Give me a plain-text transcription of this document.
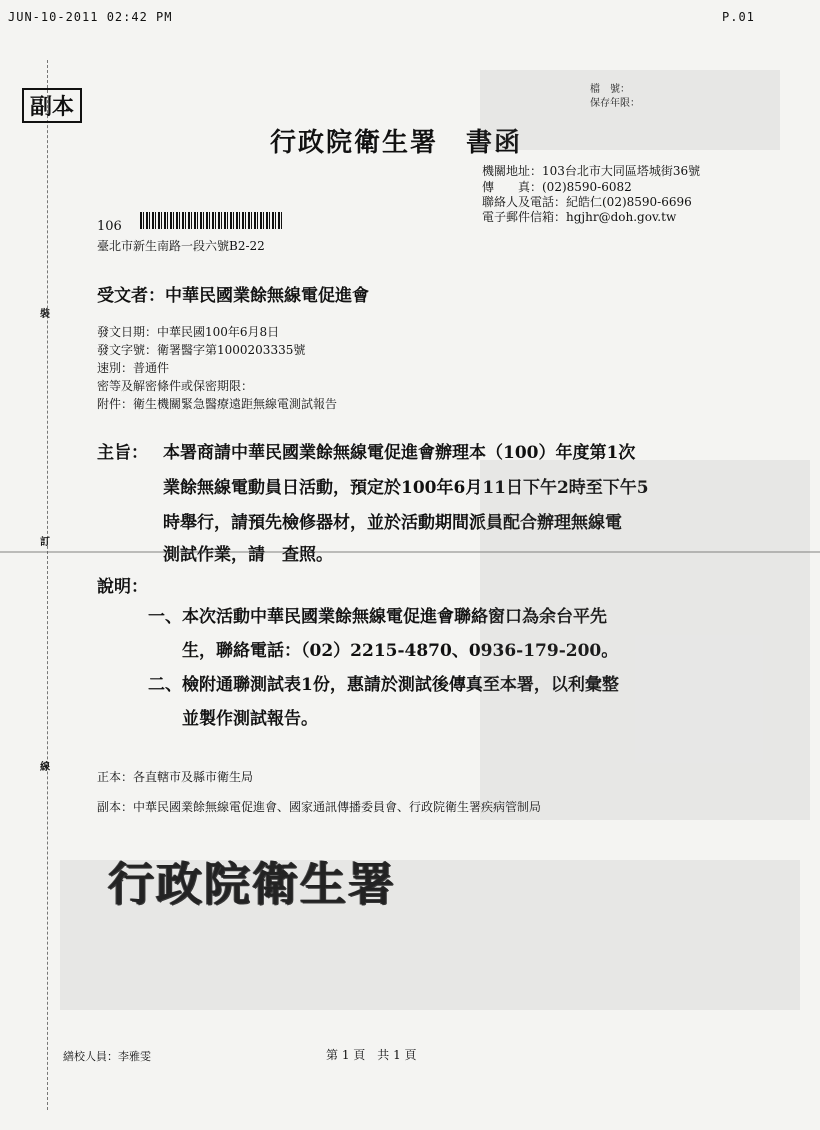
JUN-10-2011 02:42 PM	P.01
裝
訂
線
副本
檔　號：
保存年限：
行政院衛生署　書函
機關地址：103台北市大同區塔城街36號
傳　　真：(02)8590-6082
聯絡人及電話：紀皓仁(02)8590-6696
電子郵件信箱：hgjhr@doh.gov.tw
106
臺北市新生南路一段六號B2-22
受文者：中華民國業餘無線電促進會
發文日期：中華民國100年6月8日
發文字號：衛署醫字第1000203335號
速別：普通件
密等及解密條件或保密期限：
附件：衛生機關緊急醫療遠距無線電測試報告
主旨： 本署商請中華民國業餘無線電促進會辦理本（100）年度第1次
業餘無線電動員日活動，預定於100年6月11日下午2時至下午5
時舉行，請預先檢修器材，並於活動期間派員配合辦理無線電
測試作業，請　查照。
說明：
一、本次活動中華民國業餘無線電促進會聯絡窗口為余台平先
生，聯絡電話：（02）2215-4870、0936-179-200。
二、檢附通聯測試表1份，惠請於測試後傳真至本署，以利彙整
並製作測試報告。
正本：各直轄市及縣市衛生局
副本：中華民國業餘無線電促進會、國家通訊傳播委員會、行政院衛生署疾病管制局
行政院衛生署
繕校人員：李雅雯	第 1 頁　共 1 頁
